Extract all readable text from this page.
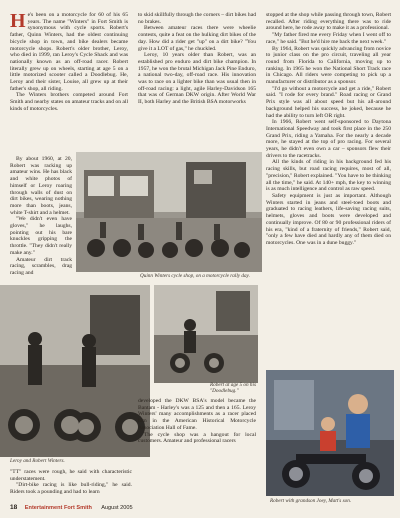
He's been on a motorcycle for 60 of his 65 years. The name "Winters" in Fort Smith is synonymous with cycle sports. Robert's father, Quinn Winters, had the oldest continuing bicycle shop in town, and bike dealers became motorcycle shops. Robert's older brother, Leroy, who died in 1999, ran Leroy's Cycle Shack and was nationally known as an off-road racer. Robert literally grew up on wheels, starting at age 5 on a little motorized scooter called a Doodlebug. He, Leroy and their sister, Louise, all grew up at their father's shop, all riding.

The Winters brothers competed around Fort Smith and nearby states on amateur tracks and on all kinds of motorcycles.

By about 1960, at 20, Robert was racking up amateur wins. He has black and white photos of himself or Leroy roaring through walls of dust on dirt bikes, wearing nothing more than boots, jeans, white T-shirt and a helmet.

"We didn't even have gloves," he laughs, pointing out his bare knuckles gripping the throttle. "They didn't really make any."

Amateur dirt track racing, scrambles, drag racing and

to skid skillfully through the corners – dirt bikes had no brakes.

Between amateur races there were wheelie contests, quite a feat on the hulking dirt bikes of the day. How did a rider get "up" on a dirt bike? "You give it a LOT of gas," he chuckled.

Leroy, 10 years older than Robert, was an established pro enduro and dirt bike champion. In 1957, he won the brutal Michigan Jack Pine Enduro, a national two-day, off-road race. His innovation was to race on a lighter bike than was usual then in off-road racing: a light, agile Harley-Davidson 165 that was of German DKW origin. After World War II, both Harley and the British BSA motorworks

stopped at the shop while passing through town, Robert recalled. After riding everything there was to ride around here, he rode away to make it as a professional.

"My father fired me every Friday when I went off to race," he said. "But he'd hire me back the next week."

By 1964, Robert was quickly advancing from novice to junior class on the pro circuit, traveling all year round from Florida to California, moving up to ranking. In 1965 he won the National Short Track race in Chicago. All riders were competing to pick up a manufacturer or distributor as a sponsor.

"I'd go without a motorcycle and get a ride," Robert said. "I rode for every brand." Road racing or Grand Prix style was all about speed but his all-around background helped his success, he joked, because he had the ability to turn left OR right.

In 1966, Robert went self-sponsored to Daytona International Speedway and took first place in the 250 Grand Prix, riding a Yamaha. For the nearly a decade more, he stayed at the top of pro racing. For several years, he didn't even own a car – sponsors flew their drivers to the racetracks.

All the kinds of riding in his background fed his racing skills, but road racing requires, most of all, "precision," Robert explained. "You have to be thinking all the time," he said. At 140+ mph, the key to winning is as much intelligence and control as raw speed.

Safety equipment is just as important. Although Winters started in jeans and steel-toed boots and graduated to racing leathers, life-saving racing suits, helmets, gloves and boots were developed and continually improve. Of 80 or 90 professional riders of his era, "kind of a fraternity of friends," Robert said, "only a few have died and hardly any of them died on motorcycles. One was in a dune buggy."

Quinn Winters cycle shop, on a motorcycle rally day.
Leroy and Robert Winters.
Robert at age 5 on his "Doodlebug."

"TT" races were rough, he said with characteristic understatement.

"Dirt-bike racing is like bull-riding," he said. Riders took a pounding and had to learn

developed the DKW BSA's model became the Bantam - Harley's was a 125 and then a 165. Leroy Winters' many accomplishments as a racer placed him in the American Historical Motorcycle Association Hall of Fame.

The cycle shop was a hangout for local customers. Amateur and professional racers

Robert with grandson Joey, Matt's son.
18 Entertainment Fort Smith August 2005
